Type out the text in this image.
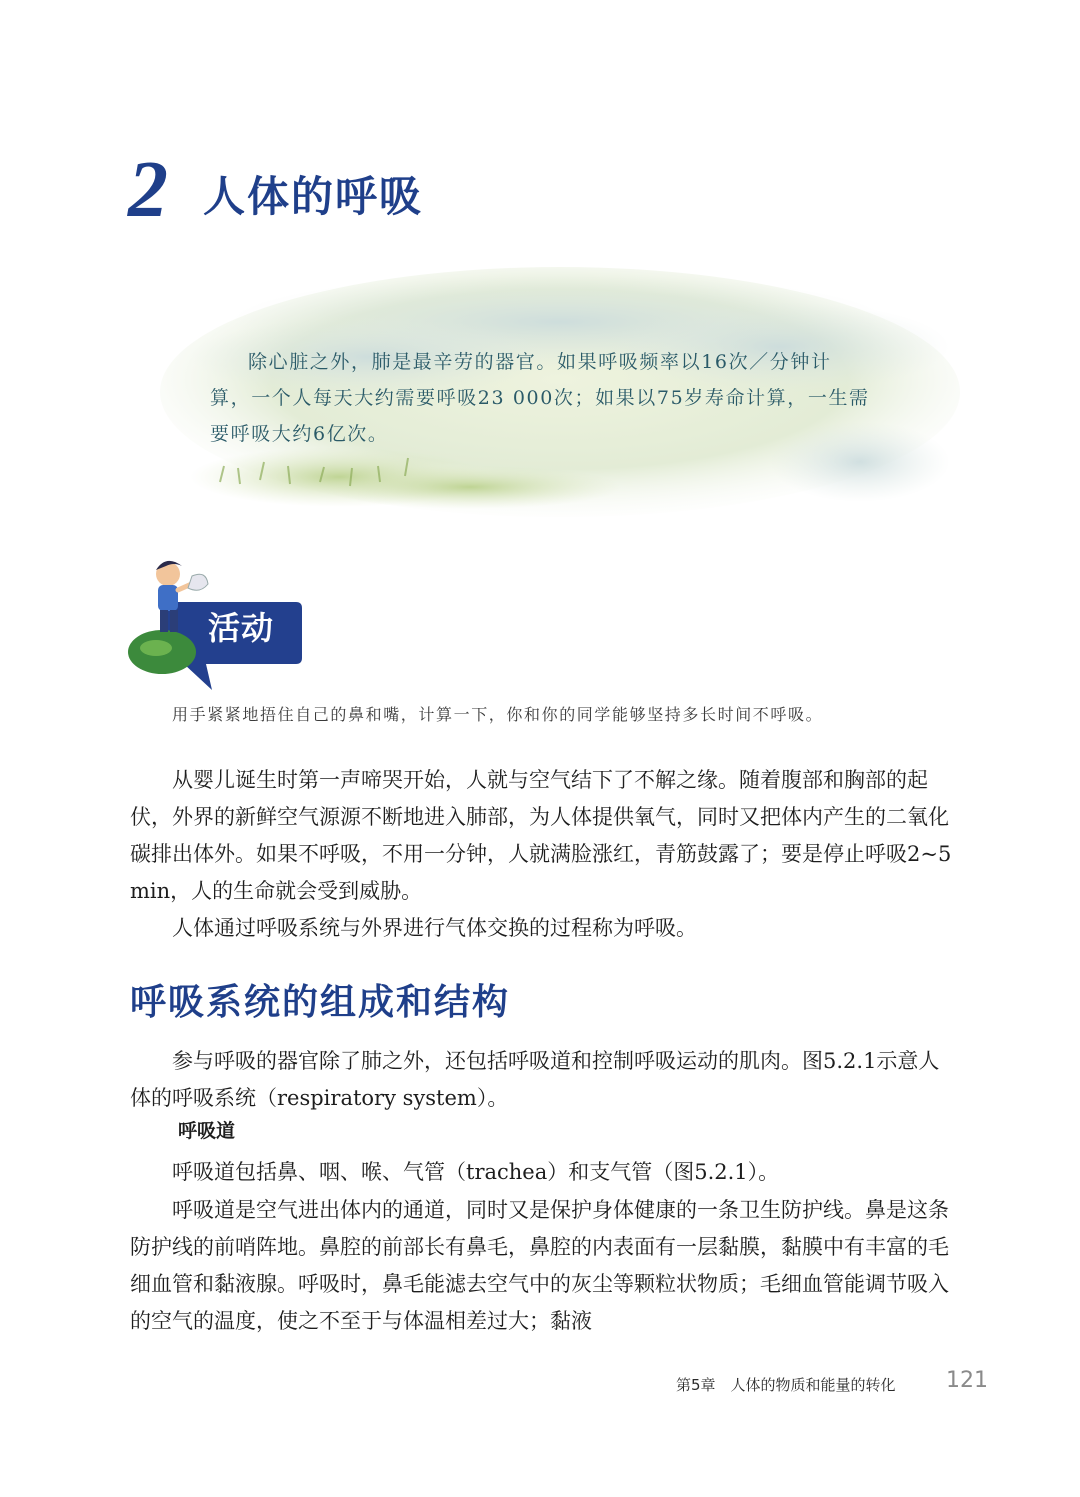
2 人体的呼吸

除心脏之外，肺是最辛劳的器官。如果呼吸频率以16次／分钟计算，一个人每天大约需要呼吸23 000次；如果以75岁寿命计算，一生需要呼吸大约6亿次。

活动
用手紧紧地捂住自己的鼻和嘴，计算一下，你和你的同学能够坚持多长时间不呼吸。

从婴儿诞生时第一声啼哭开始，人就与空气结下了不解之缘。随着腹部和胸部的起伏，外界的新鲜空气源源不断地进入肺部，为人体提供氧气，同时又把体内产生的二氧化碳排出体外。如果不呼吸，不用一分钟，人就满脸涨红，青筋鼓露了；要是停止呼吸2~5 min，人的生命就会受到威胁。

人体通过呼吸系统与外界进行气体交换的过程称为呼吸。

呼吸系统的组成和结构

参与呼吸的器官除了肺之外，还包括呼吸道和控制呼吸运动的肌肉。图5.2.1示意人体的呼吸系统（respiratory system）。

呼吸道

呼吸道包括鼻、咽、喉、气管（trachea）和支气管（图5.2.1）。

呼吸道是空气进出体内的通道，同时又是保护身体健康的一条卫生防护线。鼻是这条防护线的前哨阵地。鼻腔的前部长有鼻毛，鼻腔的内表面有一层黏膜，黏膜中有丰富的毛细血管和黏液腺。呼吸时，鼻毛能滤去空气中的灰尘等颗粒状物质；毛细血管能调节吸入的空气的温度，使之不至于与体温相差过大；黏液

第5章　人体的物质和能量的转化 121
